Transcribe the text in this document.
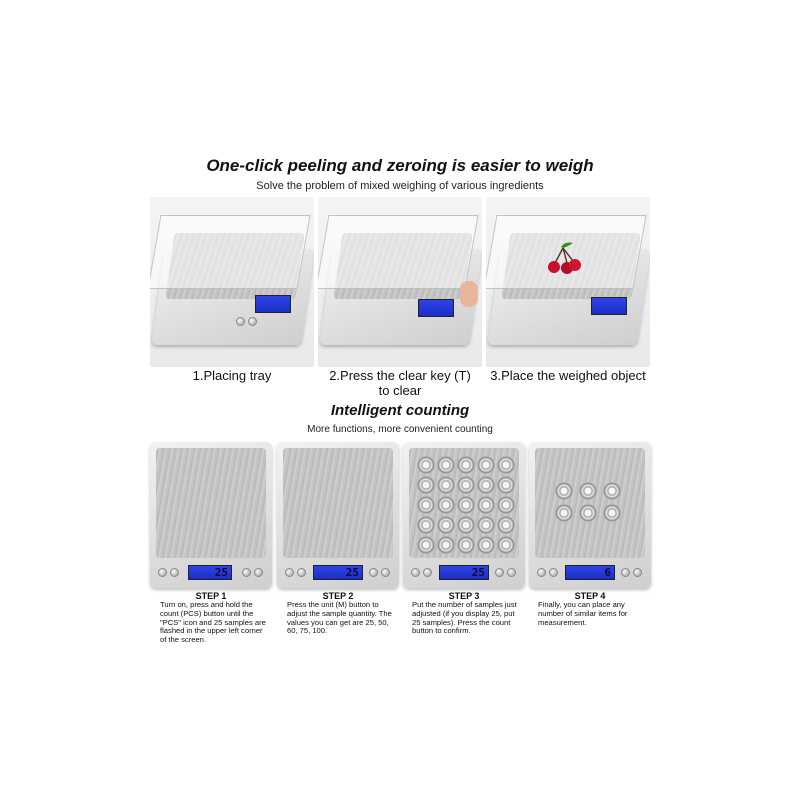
One-click peeling and zeroing is easier to weigh
Solve the problem of mixed weighing of various ingredients
1.Placing tray	2.Press the clear key (T)
to clear
3.Place the weighed object
Intelligent counting
More functions, more convenient counting
25	25	25	6
STEP 1
Turn on, press and hold the count (PCS) button until the "PCS" icon and 25 samples are flashed in the upper left corner of the screen.
STEP 2
Press the unit (M) button to adjust the sample quantity. The values you can get are 25, 50, 60, 75, 100.
STEP 3
Put the number of samples just adjusted (if you display 25, put 25 samples). Press the count button to confirm.
STEP 4
Finally, you can place any number of similar items for measurement.
